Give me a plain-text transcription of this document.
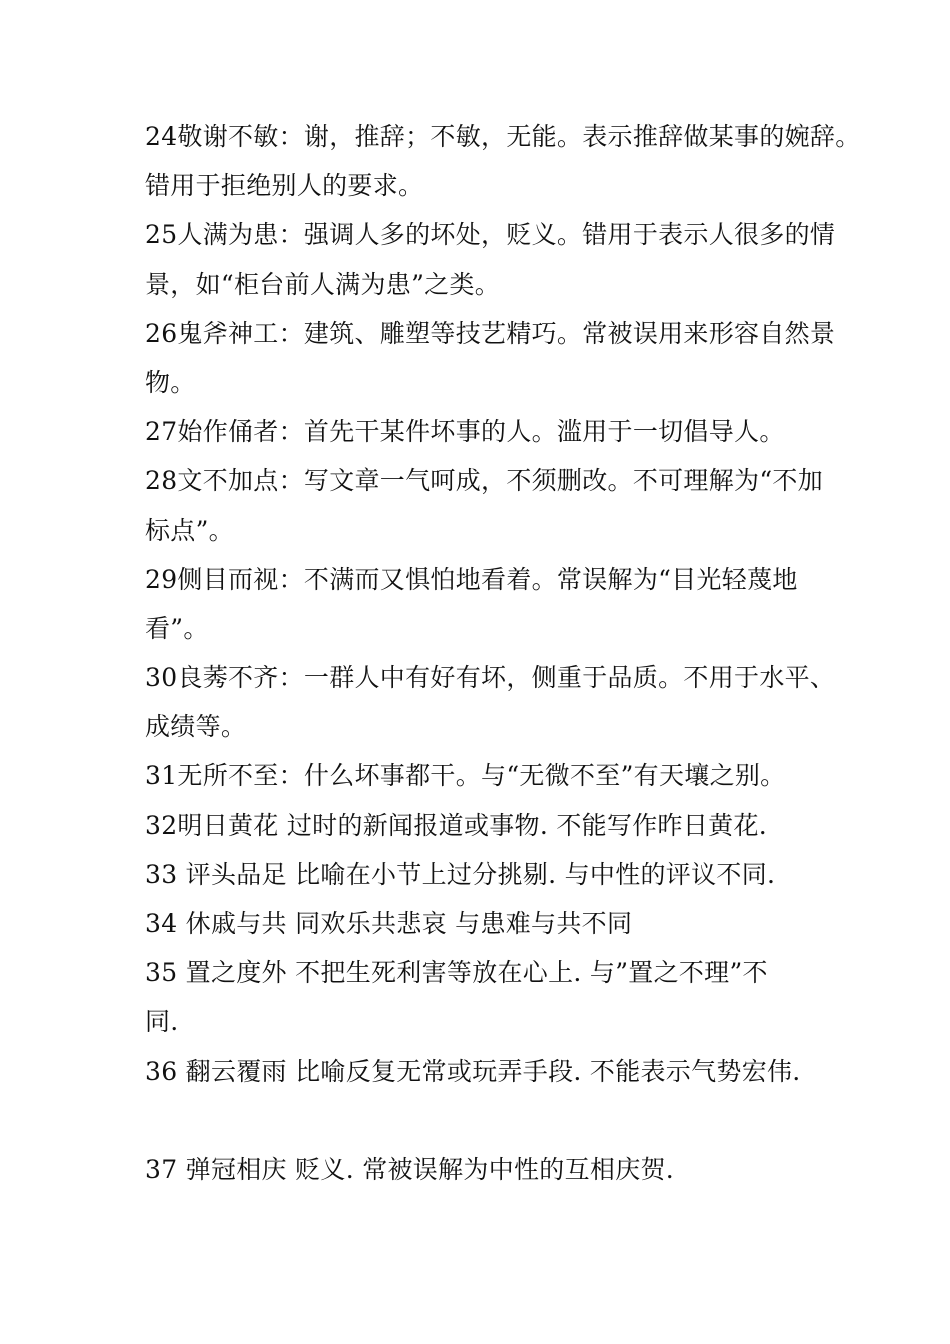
24敬谢不敏：谢，推辞；不敏，无能。表示推辞做某事的婉辞。
错用于拒绝别人的要求。
25人满为患：强调人多的坏处，贬义。错用于表示人很多的情
景，如“柜台前人满为患”之类。
26鬼斧神工：建筑、雕塑等技艺精巧。常被误用来形容自然景
物。
27始作俑者：首先干某件坏事的人。滥用于一切倡导人。
28文不加点：写文章一气呵成，不须删改。不可理解为“不加
标点”。
29侧目而视：不满而又惧怕地看着。常误解为“目光轻蔑地
看”。
30良莠不齐：一群人中有好有坏，侧重于品质。不用于水平、
成绩等。
31无所不至：什么坏事都干。与“无微不至”有天壤之别。
32明日黄花 过时的新闻报道或事物. 不能写作昨日黄花.
33 评头品足 比喻在小节上过分挑剔. 与中性的评议不同.
34 休戚与共 同欢乐共悲哀 与患难与共不同
35 置之度外 不把生死利害等放在心上. 与”置之不理”不
同.
36 翻云覆雨 比喻反复无常或玩弄手段. 不能表示气势宏伟.
37 弹冠相庆 贬义. 常被误解为中性的互相庆贺.
